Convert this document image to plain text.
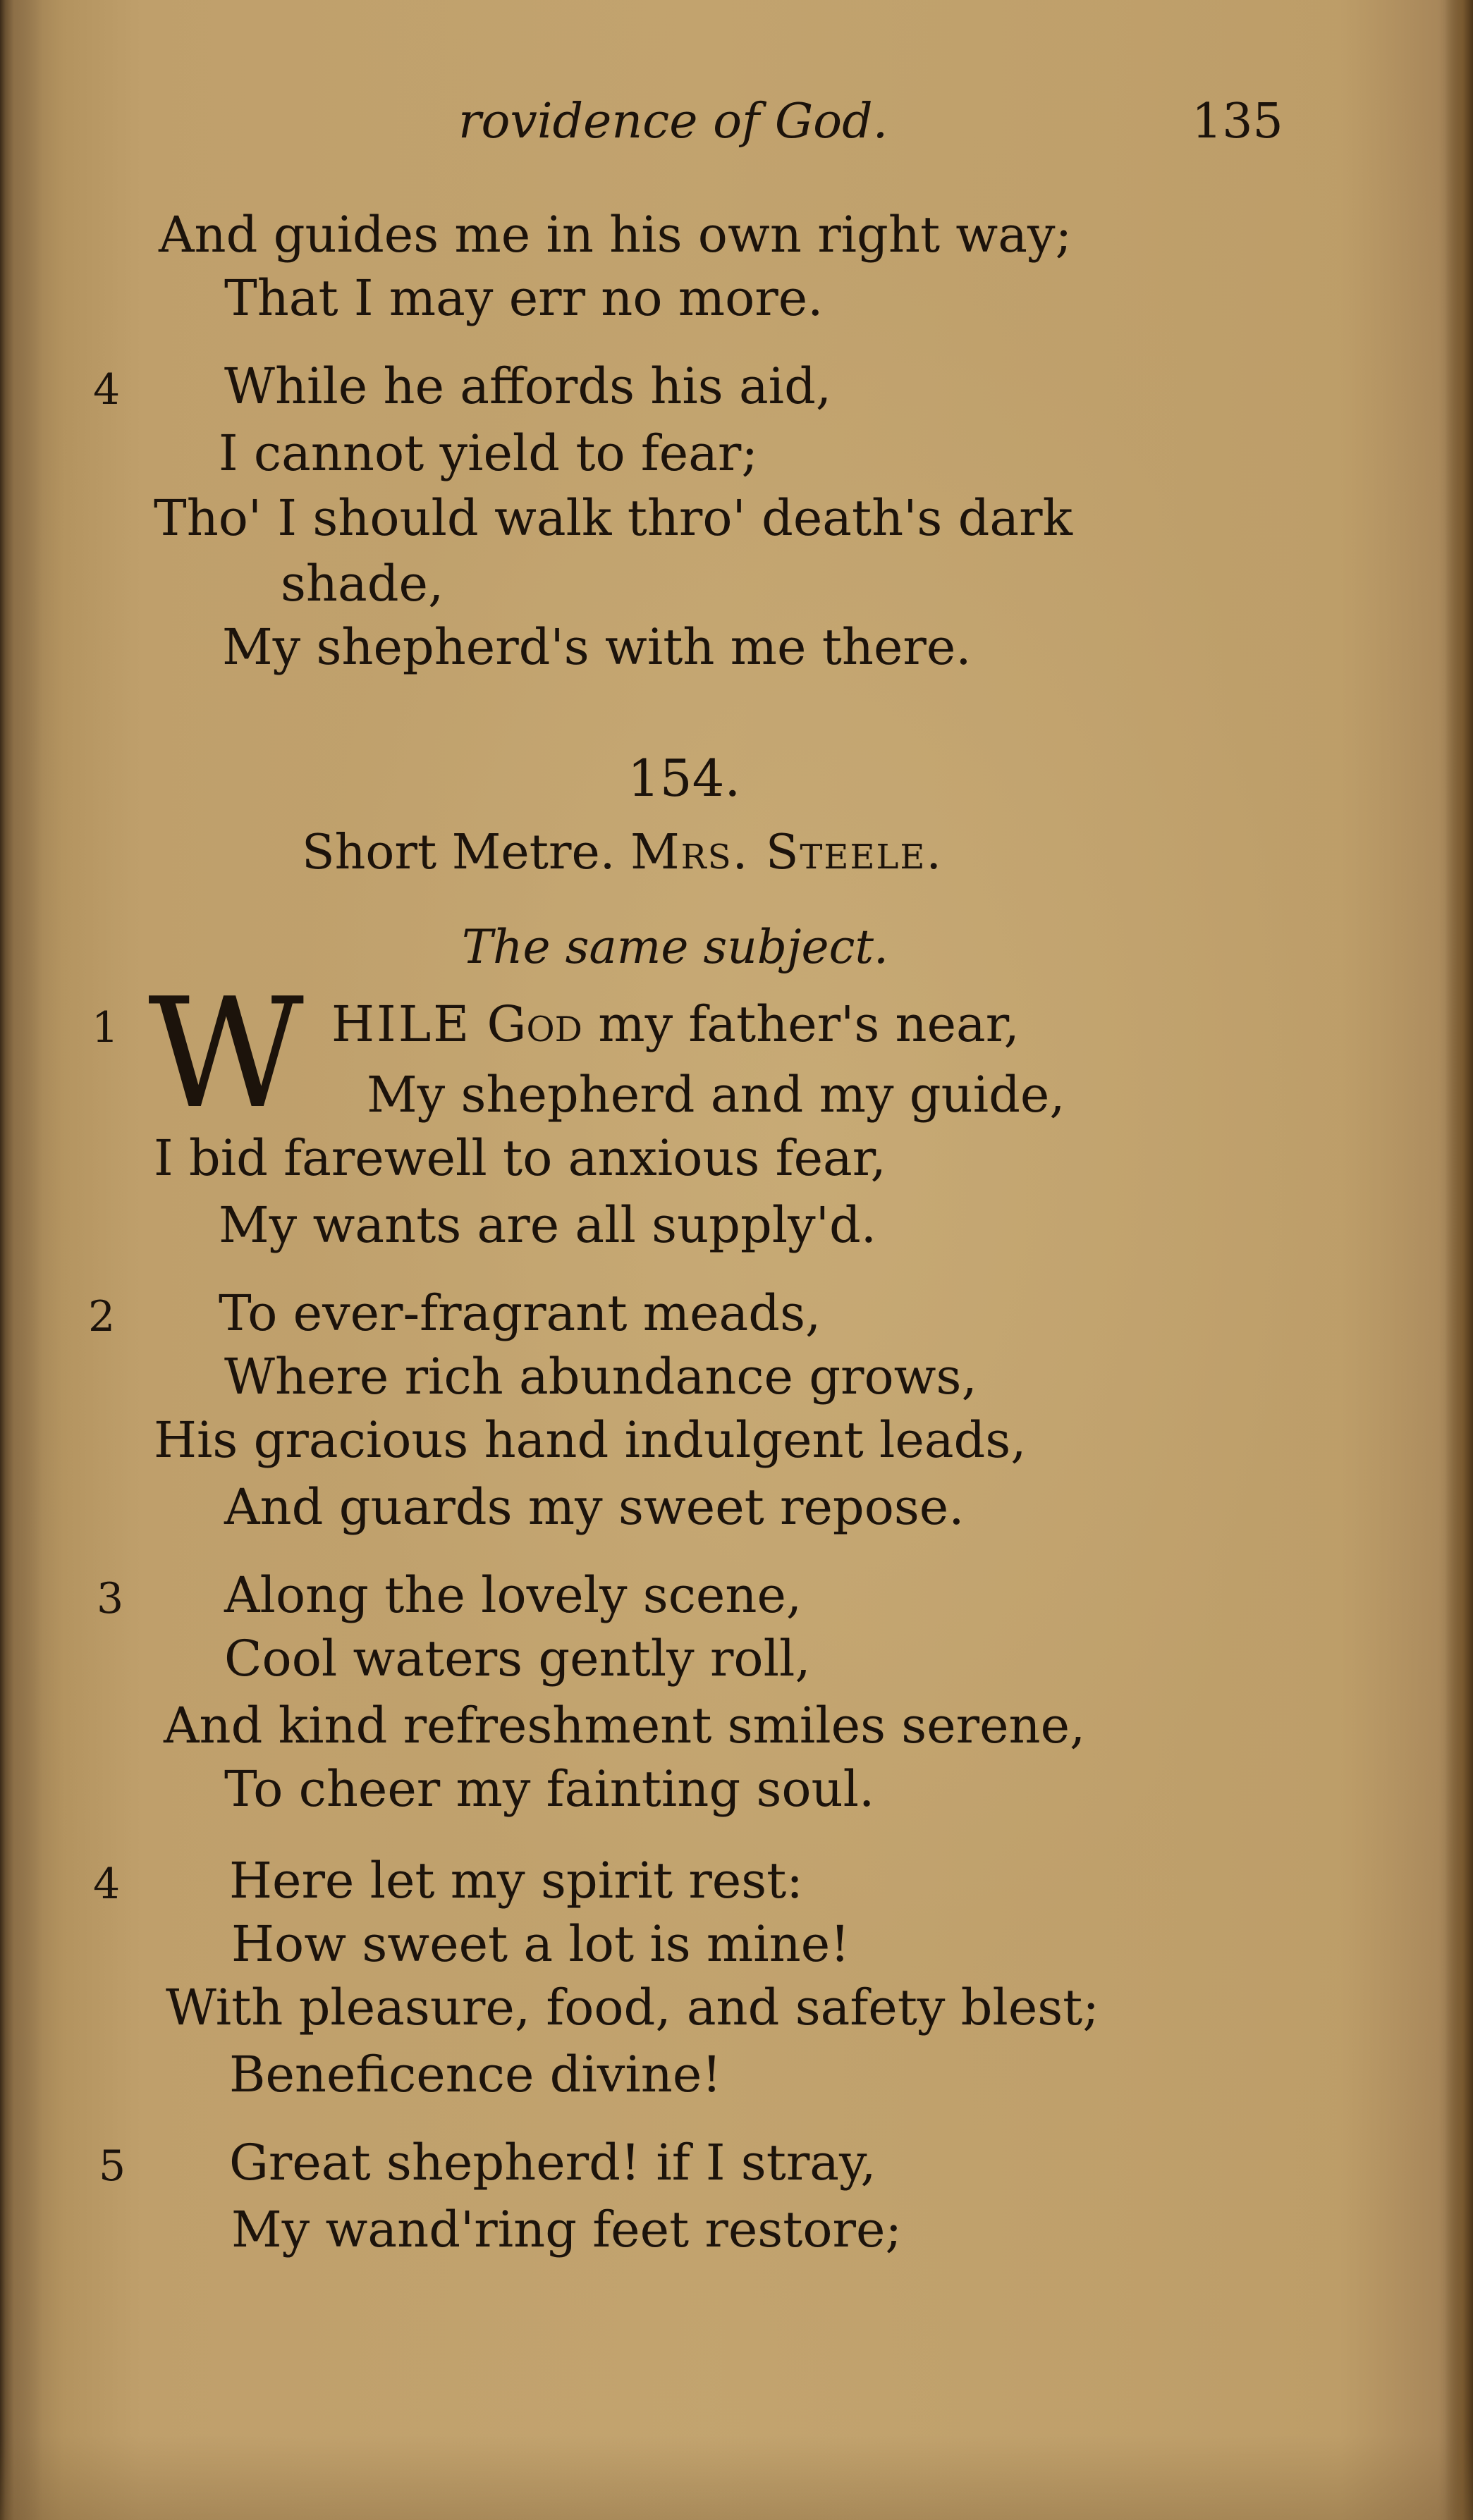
rovidence of God.	135
And guides me in his own right way;
That I may err no more.
4 While he affords his aid,
I cannot yield to fear;
Tho' I should walk thro' death's dark
shade,
My shepherd's with me there.
154.
Short Metre. Mrs. Steele.
The same subject.
1 W HILE God my father's near,
My shepherd and my guide,
I bid farewell to anxious fear,
My wants are all supply'd.
2 To ever-fragrant meads,
Where rich abundance grows,
His gracious hand indulgent leads,
And guards my sweet repose.
3 Along the lovely scene,
Cool waters gently roll,
And kind refreshment smiles serene,
To cheer my fainting soul.
4 Here let my spirit rest:
How sweet a lot is mine!
With pleasure, food, and safety blest;
Beneficence divine!
5 Great shepherd! if I stray,
My wand'ring feet restore;
